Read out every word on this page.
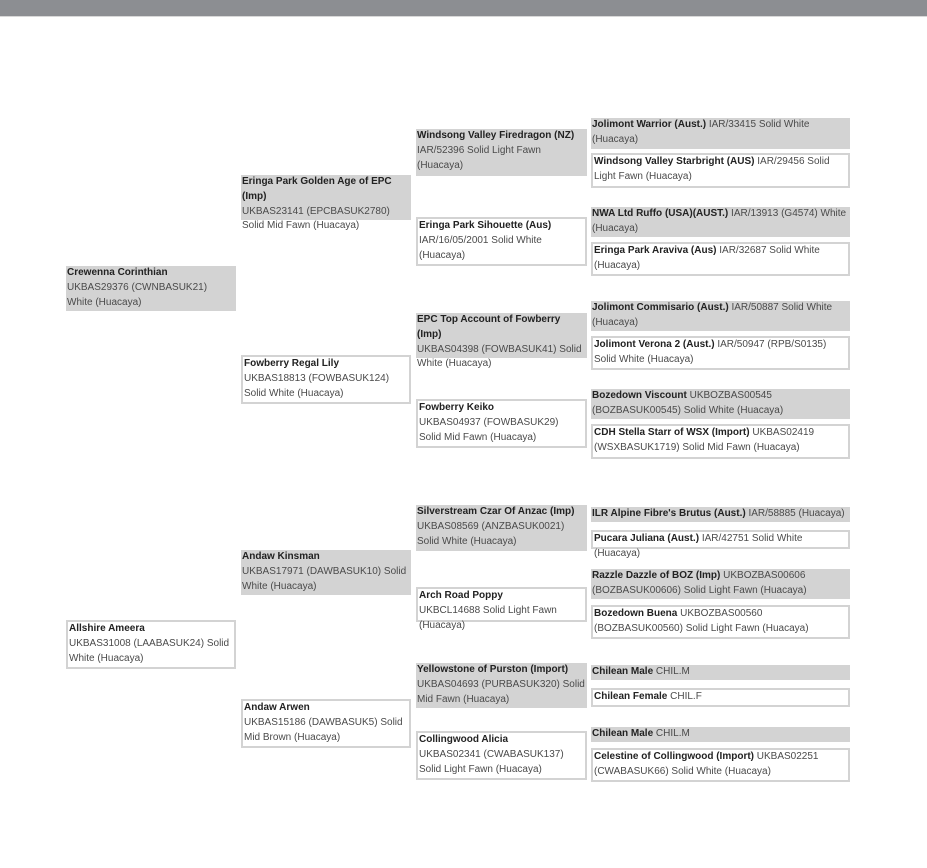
Crewenna Corinthian
UKBAS29376 (CWNBASUK21) White (Huacaya)
Allshire Ameera
UKBAS31008 (LAABASUK24) Solid White (Huacaya)
Eringa Park Golden Age of EPC (Imp)
UKBAS23141 (EPCBASUK2780) Solid Mid Fawn (Huacaya)
Fowberry Regal Lily
UKBAS18813 (FOWBASUK124) Solid White (Huacaya)
Andaw Kinsman
UKBAS17971 (DAWBASUK10) Solid White (Huacaya)
Andaw Arwen
UKBAS15186 (DAWBASUK5) Solid Mid Brown (Huacaya)
Windsong Valley Firedragon (NZ)
IAR/52396 Solid Light Fawn (Huacaya)
Eringa Park Sihouette (Aus)
IAR/16/05/2001 Solid White (Huacaya)
EPC Top Account of Fowberry (Imp)
UKBAS04398 (FOWBASUK41) Solid White (Huacaya)
Fowberry Keiko
UKBAS04937 (FOWBASUK29) Solid Mid Fawn (Huacaya)
Silverstream Czar Of Anzac (Imp)
UKBAS08569 (ANZBASUK0021) Solid White (Huacaya)
Arch Road Poppy
UKBCL14688 Solid Light Fawn (Huacaya)
Yellowstone of Purston (Import)
UKBAS04693 (PURBASUK320) Solid Mid Fawn (Huacaya)
Collingwood Alicia
UKBAS02341 (CWABASUK137) Solid Light Fawn (Huacaya)
Jolimont Warrior (Aust.) IAR/33415 Solid White (Huacaya)
Windsong Valley Starbright (AUS) IAR/29456 Solid Light Fawn (Huacaya)
NWA Ltd Ruffo (USA)(AUST.) IAR/13913 (G4574) White (Huacaya)
Eringa Park Araviva (Aus) IAR/32687 Solid White (Huacaya)
Jolimont Commisario (Aust.) IAR/50887 Solid White (Huacaya)
Jolimont Verona 2 (Aust.) IAR/50947 (RPB/S0135) Solid White (Huacaya)
Bozedown Viscount UKBOZBAS00545 (BOZBASUK00545) Solid White (Huacaya)
CDH Stella Starr of WSX (Import) UKBAS02419 (WSXBASUK1719) Solid Mid Fawn (Huacaya)
ILR Alpine Fibre's Brutus (Aust.) IAR/58885 (Huacaya)
Pucara Juliana (Aust.) IAR/42751 Solid White (Huacaya)
Razzle Dazzle of BOZ (Imp) UKBOZBAS00606 (BOZBASUK00606) Solid Light Fawn (Huacaya)
Bozedown Buena UKBOZBAS00560 (BOZBASUK00560) Solid Light Fawn (Huacaya)
Chilean Male CHIL.M
Chilean Female CHIL.F
Chilean Male CHIL.M
Celestine of Collingwood (Import) UKBAS02251 (CWABASUK66) Solid White (Huacaya)
